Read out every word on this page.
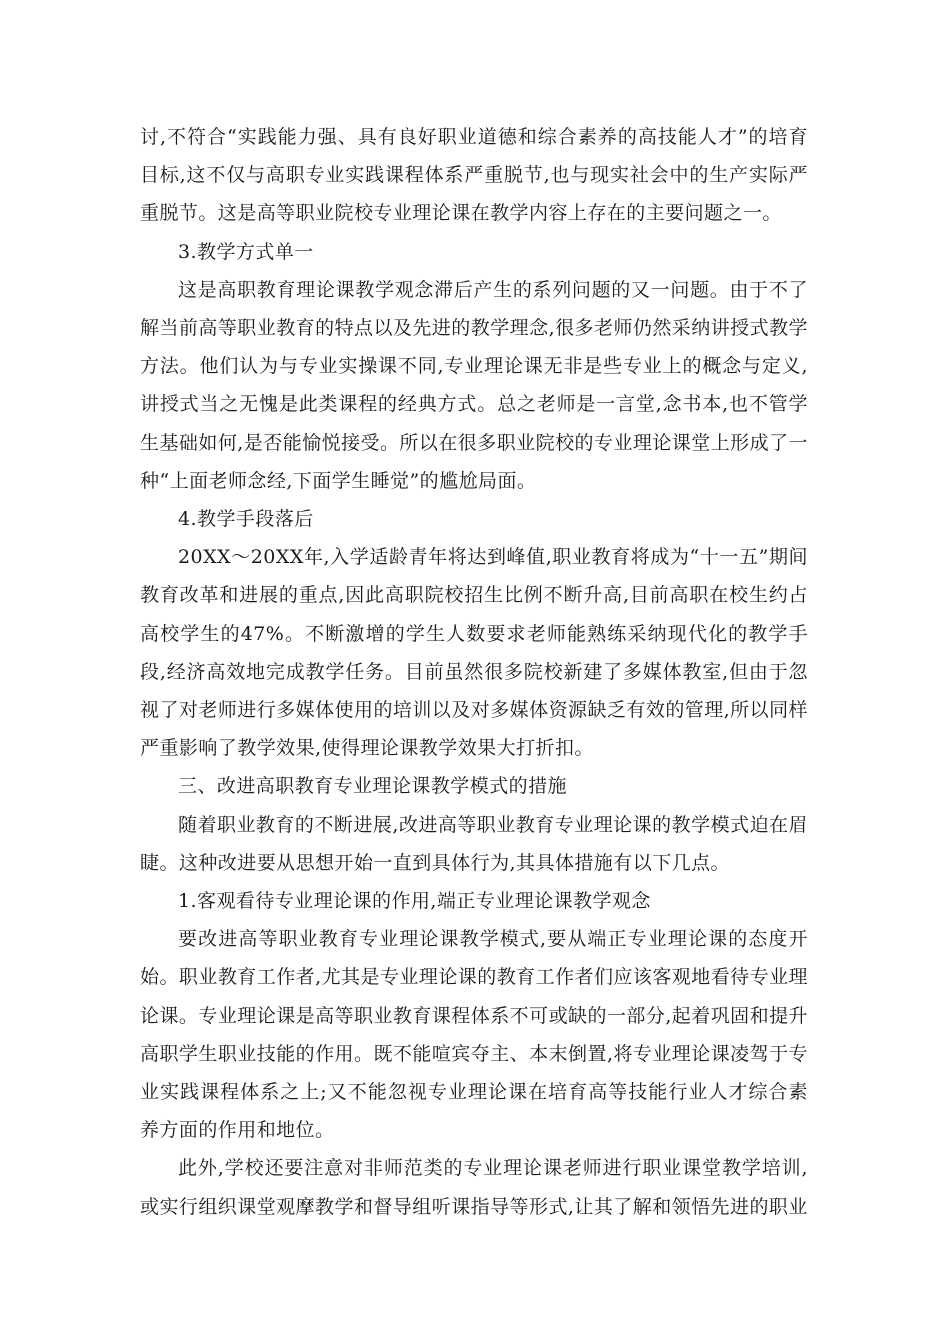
讨,不符合“实践能力强、具有良好职业道德和综合素养的高技能人才”的培育目标,这不仅与高职专业实践课程体系严重脱节,也与现实社会中的生产实际严重脱节。这是高等职业院校专业理论课在教学内容上存在的主要问题之一。

3.教学方式单一

这是高职教育理论课教学观念滞后产生的系列问题的又一问题。由于不了解当前高等职业教育的特点以及先进的教学理念,很多老师仍然采纳讲授式教学方法。他们认为与专业实操课不同,专业理论课无非是些专业上的概念与定义,讲授式当之无愧是此类课程的经典方式。总之老师是一言堂,念书本,也不管学生基础如何,是否能愉悦接受。所以在很多职业院校的专业理论课堂上形成了一种“上面老师念经,下面学生睡觉”的尴尬局面。

4.教学手段落后

20XX～20XX年,入学适龄青年将达到峰值,职业教育将成为“十一五”期间教育改革和进展的重点,因此高职院校招生比例不断升高,目前高职在校生约占高校学生的47%。不断激增的学生人数要求老师能熟练采纳现代化的教学手段,经济高效地完成教学任务。目前虽然很多院校新建了多媒体教室,但由于忽视了对老师进行多媒体使用的培训以及对多媒体资源缺乏有效的管理,所以同样严重影响了教学效果,使得理论课教学效果大打折扣。

三、改进高职教育专业理论课教学模式的措施

随着职业教育的不断进展,改进高等职业教育专业理论课的教学模式迫在眉睫。这种改进要从思想开始一直到具体行为,其具体措施有以下几点。

1.客观看待专业理论课的作用,端正专业理论课教学观念

要改进高等职业教育专业理论课教学模式,要从端正专业理论课的态度开始。职业教育工作者,尤其是专业理论课的教育工作者们应该客观地看待专业理论课。专业理论课是高等职业教育课程体系不可或缺的一部分,起着巩固和提升高职学生职业技能的作用。既不能喧宾夺主、本末倒置,将专业理论课凌驾于专业实践课程体系之上;又不能忽视专业理论课在培育高等技能行业人才综合素养方面的作用和地位。

此外,学校还要注意对非师范类的专业理论课老师进行职业课堂教学培训,或实行组织课堂观摩教学和督导组听课指导等形式,让其了解和领悟先进的职业
